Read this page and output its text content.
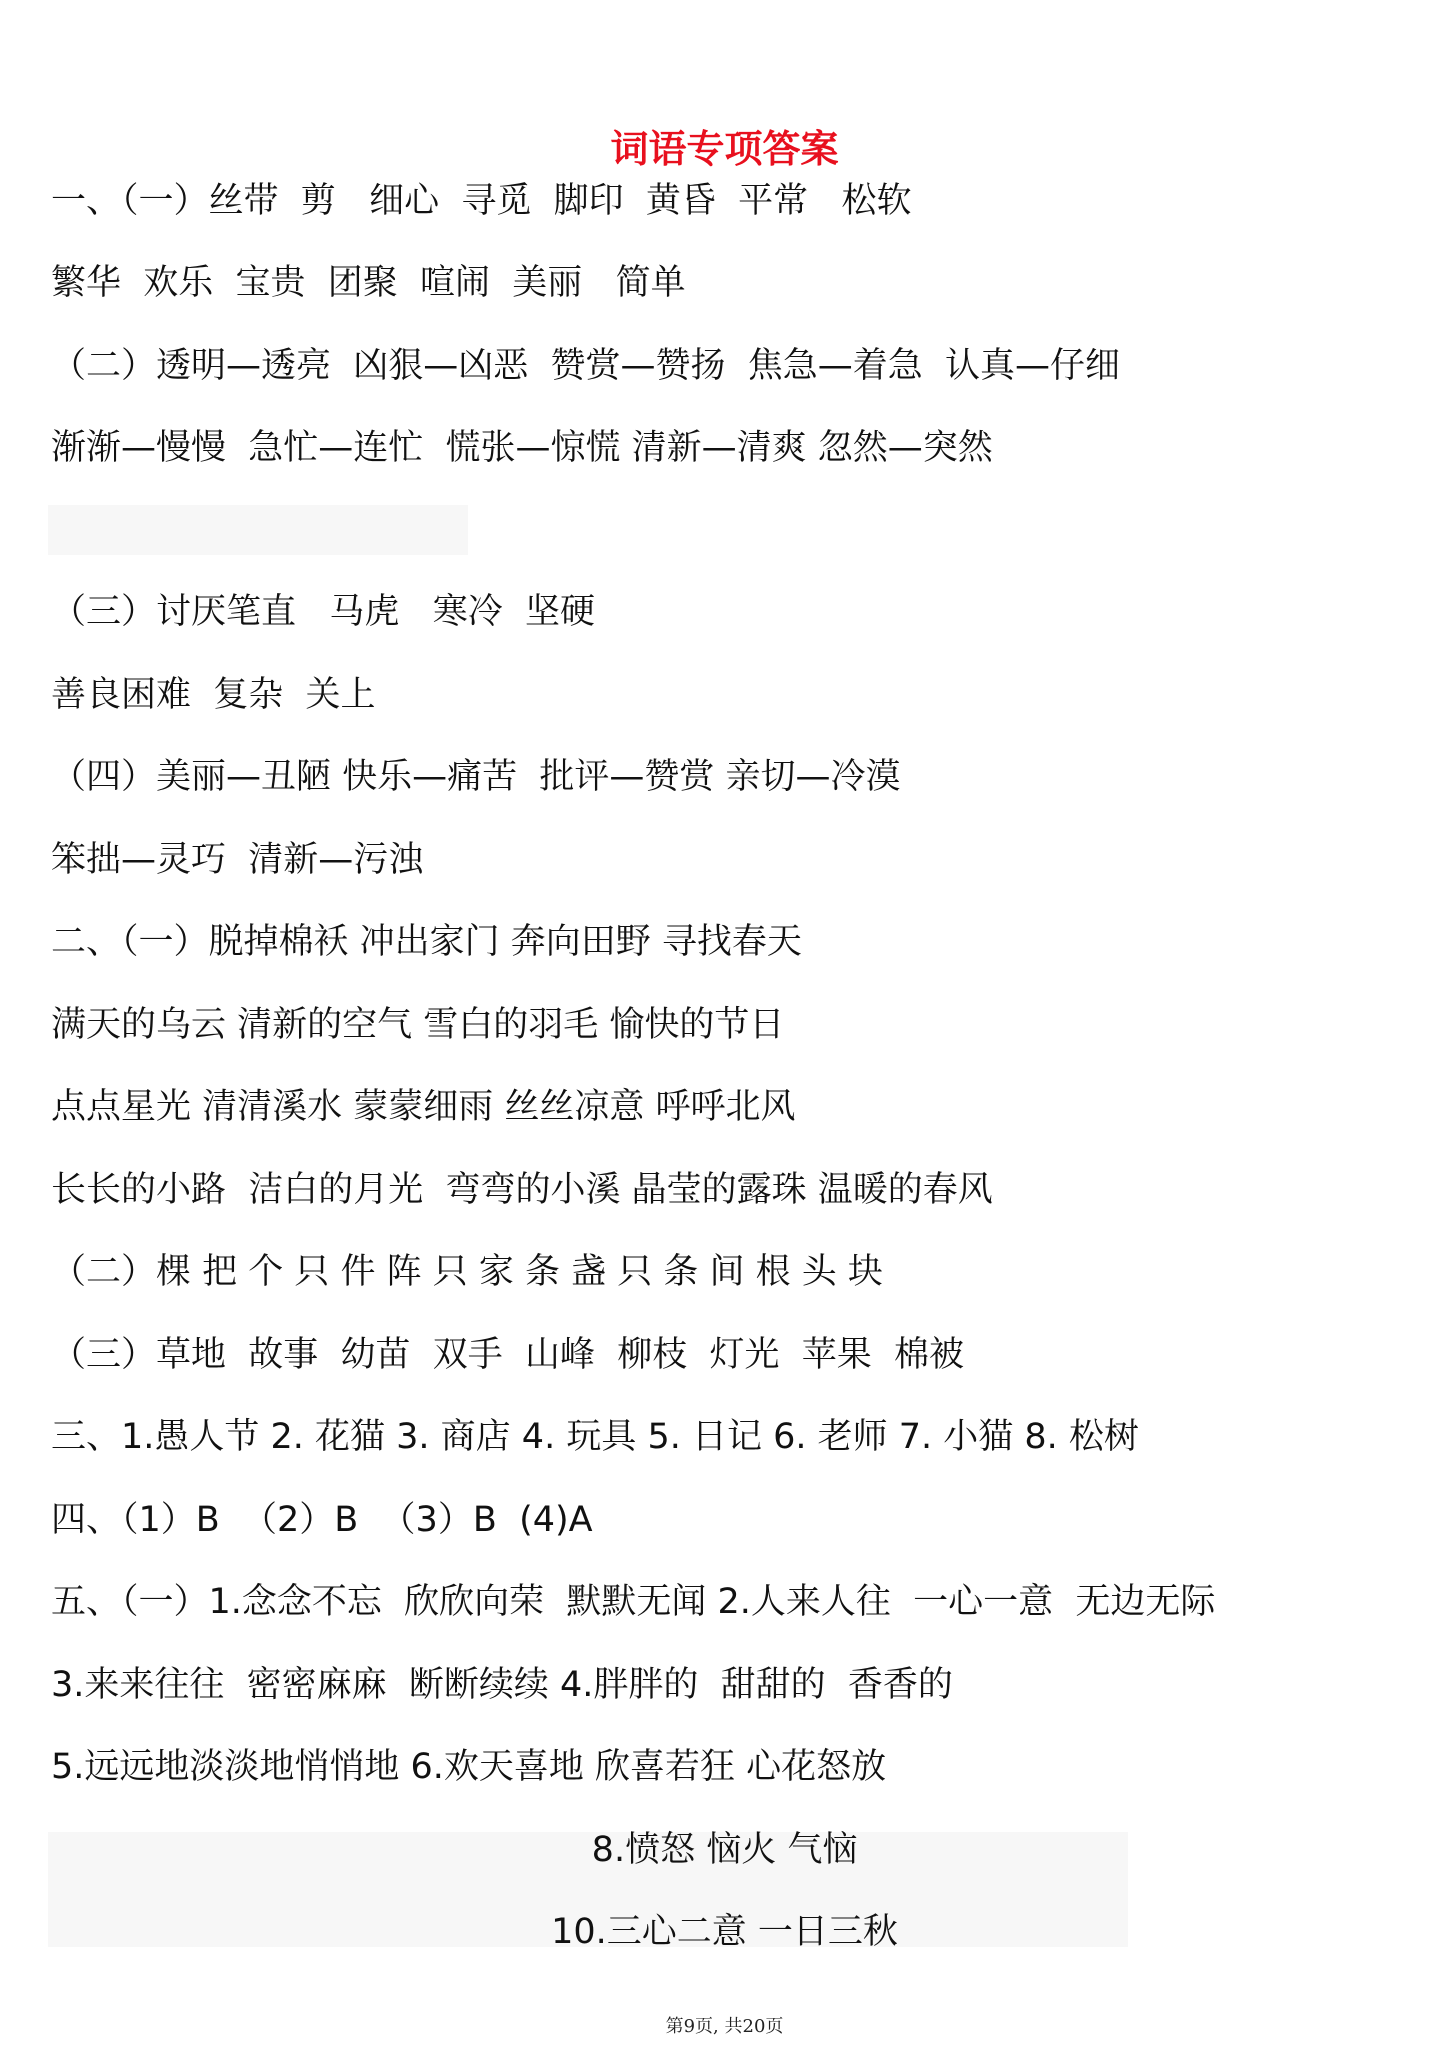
词语专项答案
一、（一）丝带  剪   细心  寻觅  脚印  黄昏  平常   松软
繁华  欢乐  宝贵  团聚  喧闹  美丽   简单
（二）透明—透亮  凶狠—凶恶  赞赏—赞扬  焦急—着急  认真—仔细
渐渐—慢慢  急忙—连忙  慌张—惊慌 清新—清爽 忽然—突然
（三）讨厌笔直   马虎   寒冷  坚硬
善良困难  复杂  关上
（四）美丽—丑陋 快乐—痛苦  批评—赞赏 亲切—冷漠
笨拙—灵巧  清新—污浊
二、（一）脱掉棉袄 冲出家门 奔向田野 寻找春天
满天的乌云 清新的空气 雪白的羽毛 愉快的节日
点点星光 清清溪水 蒙蒙细雨 丝丝凉意 呼呼北风
长长的小路  洁白的月光  弯弯的小溪 晶莹的露珠 温暖的春风
（二）棵 把 个 只 件 阵 只 家 条 盏 只 条 间 根 头 块
（三）草地  故事  幼苗  双手  山峰  柳枝  灯光  苹果  棉被
三、1.愚人节 2. 花猫 3. 商店 4. 玩具 5. 日记 6. 老师 7. 小猫 8. 松树
四、（1）B  （2）B  （3）B  (4)A
五、（一）1.念念不忘  欣欣向荣  默默无闻 2.人来人往  一心一意  无边无际
3.来来往往  密密麻麻  断断续续 4.胖胖的  甜甜的  香香的
5.远远地淡淡地悄悄地 6.欢天喜地 欣喜若狂 心花怒放
8.愤怒 恼火 气恼
10.三心二意 一日三秋
第9页, 共20页
